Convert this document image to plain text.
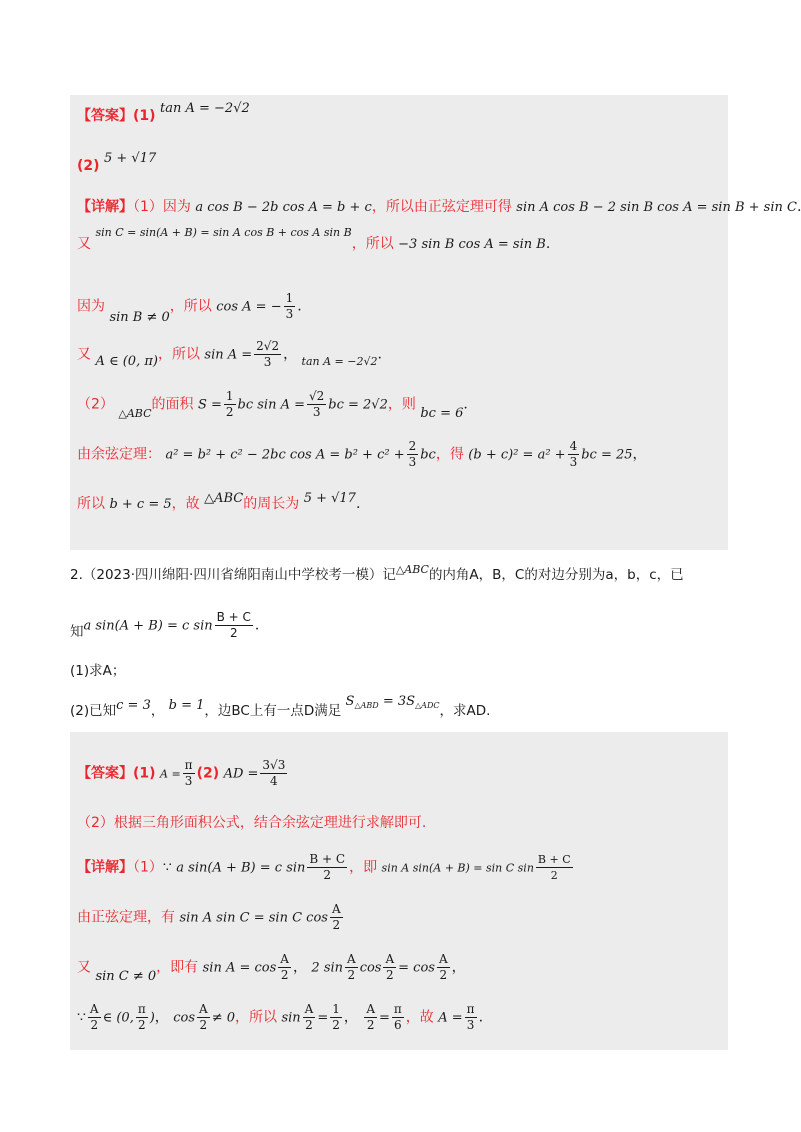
【答案】(1) tan A = −2√2
(2) 5 + √17
【详解】（1）因为 a cos B − 2b cos A = b + c，所以由正弦定理可得 sin A cos B − 2 sin B cos A = sin B + sin C.
又 $^{sin C = sin(A + B) = sin A cos B + cos A sin B}$，所以 −3 sin B cos A = sin B.
因为 sin B ≠ 0，所以 cos A = − $\frac{1}{3}$ .
又 A ∈ (0, π)，所以 $\sin A = \frac{2√2}{3}$ ， $_{tan A = -2√2}$.
（2） $_{\triangle ABC}$的面积 $S = \frac{1}{2}$ bc $\sin A = \frac{√2}{3}$ bc = 2√2，则 bc = 6.
由余弦定理： a² = b² + c² − 2bc $\cos A = b^2 + c^2 + \frac{2}{3}$ bc，得 $(b + c)^2 = a^2 + \frac{4}{3}$ bc = 25，
所以 b + c = 5，故 △ABC的周长为 5 + √17.
2.（2023·四川绵阳·四川省绵阳南山中学校考一模）记$^{\triangle ABC}$的内角A，B，C的对边分别为a，b，c，已
知a sin(A + B) = c $\sin \frac{B + C}{2}$ .
(1)求A；
(2)已知c = 3， b = 1，边BC上有一点D满足 $S_{\triangle ABD} = 3S_{\triangle ADC}$，求AD.
【答案】(1) $A = \frac{\pi}{3} (2)$ AD = $\frac{3√3}{4}$
（2）根据三角形面积公式，结合余弦定理进行求解即可.
【详解】（1）∵ a sin(A + B) = c $\sin \frac{B + C}{2}$ ，即 sin A sin(A + B) = sin C $\sin \frac{B + C}{2}$
由正弦定理，有 sin A sin C = sin C $\cos \frac{A}{2}$
又 sin C ≠ 0，即有 $\sin A = \cos \frac{A}{2}$ ， 2 $\sin \frac{A}{2}$ $\cos \frac{A}{2} = \cos \frac{A}{2}$ ，
∵ $\frac{A}{2}$ ∈ (0, $\frac{\pi}{2}$ )， $\cos \frac{A}{2} \ne 0$，所以 $\sin \frac{A}{2} = \frac{1}{2}$ ， $\frac{A}{2} = \frac{\pi}{6}$ ，故 $A = \frac{\pi}{3}$ .
